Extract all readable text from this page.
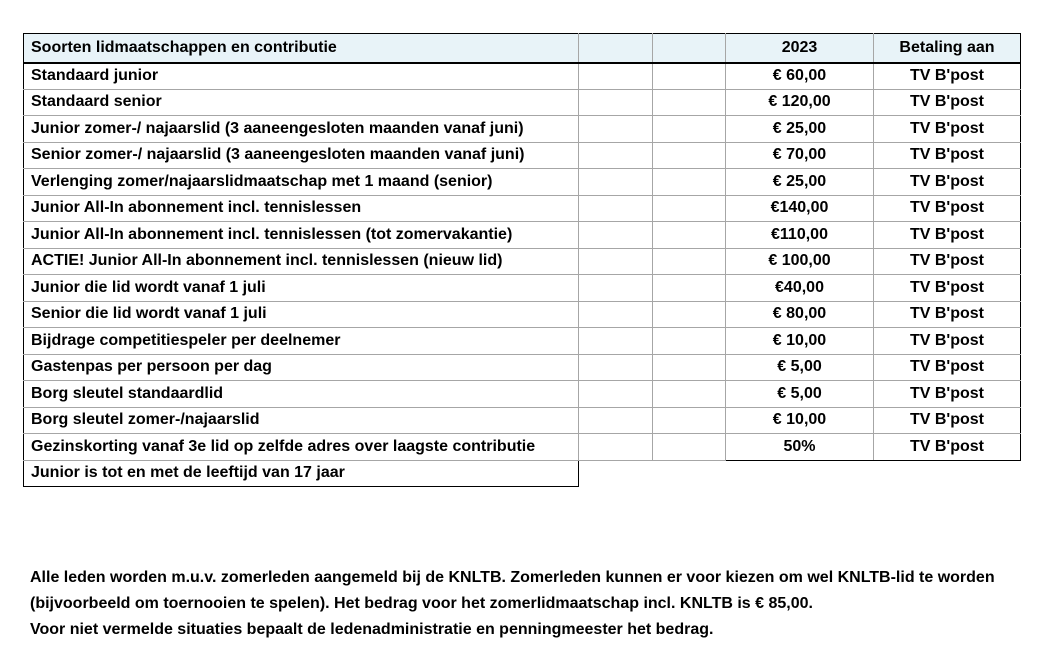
Soorten lidmaatschappen en contributie			2023	Betaling aan
Standaard junior			€ 60,00	TV B'post
Standaard senior			€ 120,00	TV B'post
Junior zomer-/ najaarslid (3 aaneengesloten maanden vanaf juni)			€ 25,00	TV B'post
Senior zomer-/ najaarslid (3 aaneengesloten maanden vanaf juni)			€ 70,00	TV B'post
Verlenging zomer/najaarslidmaatschap met 1 maand (senior)			€ 25,00	TV B'post
Junior All-In abonnement incl. tennislessen			€140,00	TV B'post
Junior All-In abonnement incl. tennislessen (tot zomervakantie)			€110,00	TV B'post
ACTIE! Junior All-In abonnement incl. tennislessen (nieuw lid)			€ 100,00	TV B'post
Junior die lid wordt vanaf 1 juli			€40,00	TV B'post
Senior die lid wordt vanaf 1 juli			€ 80,00	TV B'post
Bijdrage competitiespeler per deelnemer			€ 10,00	TV B'post
Gastenpas per persoon per dag			€ 5,00	TV B'post
Borg sleutel standaardlid			€ 5,00	TV B'post
Borg sleutel zomer-/najaarslid			€ 10,00	TV B'post
Gezinskorting vanaf 3e lid op zelfde adres over laagste contributie			50%	TV B'post
Junior is tot en met de leeftijd van 17 jaar				

Alle leden worden m.u.v. zomerleden aangemeld bij de KNLTB. Zomerleden kunnen er voor kiezen om wel KNLTB-lid te worden

(bijvoorbeeld om toernooien te spelen). Het bedrag voor het zomerlidmaatschap incl. KNLTB is € 85,00.

Voor niet vermelde situaties bepaalt de ledenadministratie en penningmeester het bedrag.
